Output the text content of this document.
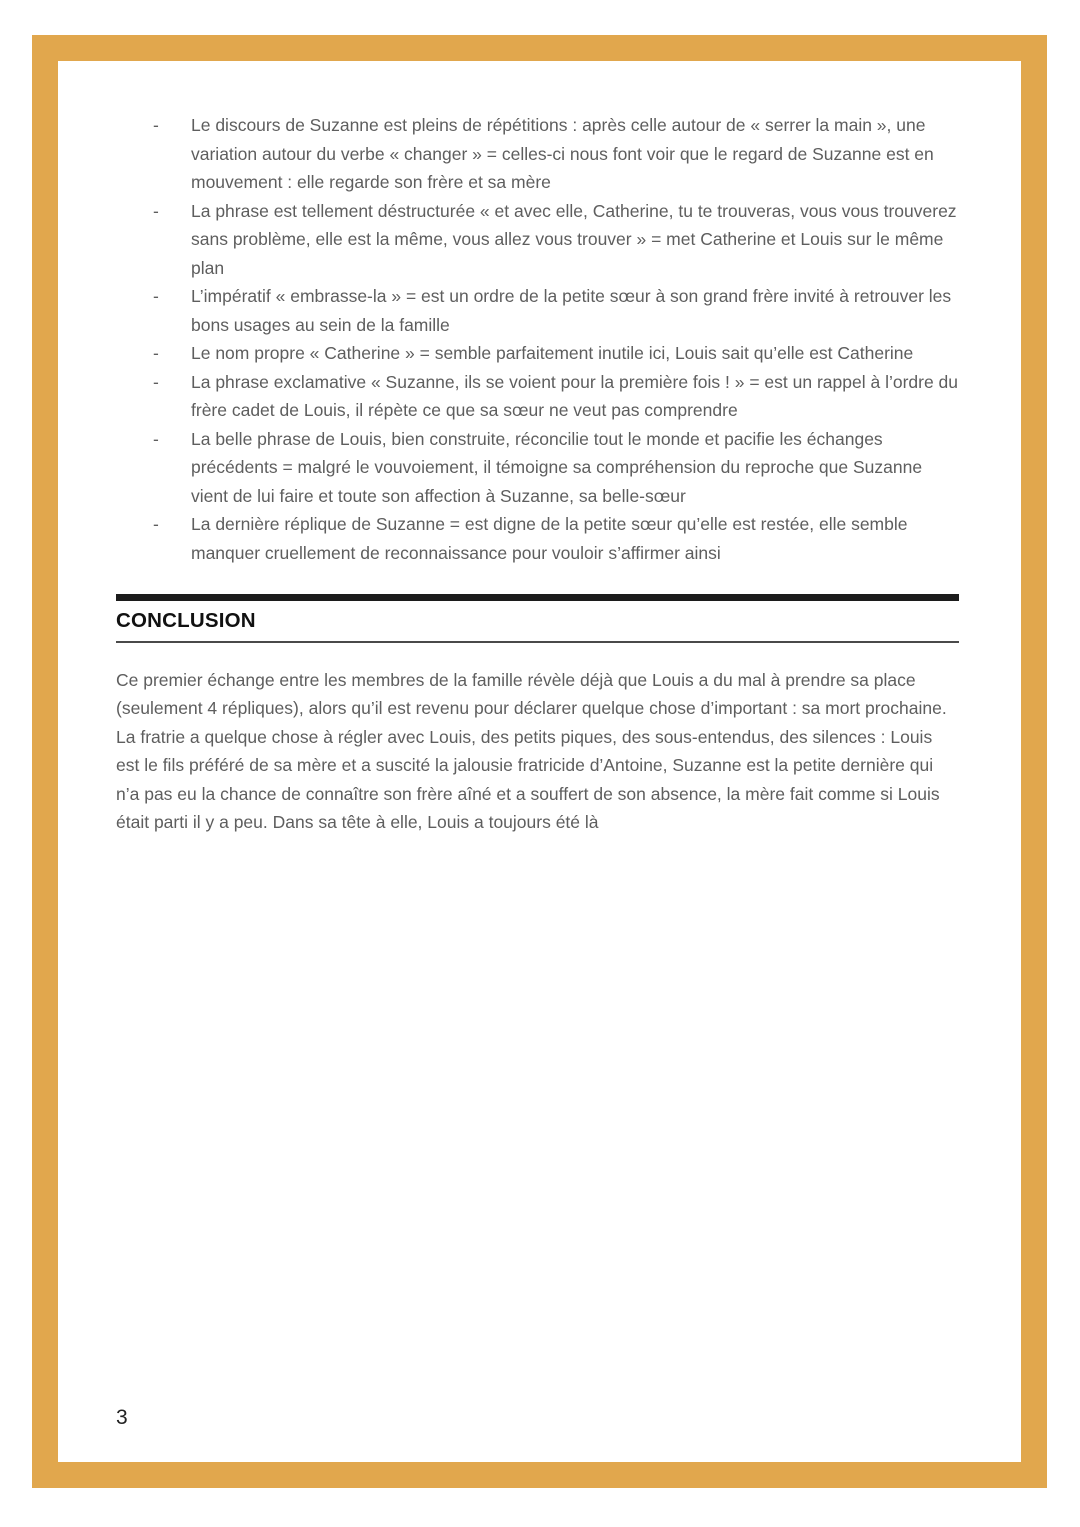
-	Le discours de Suzanne est pleins de répétitions : après celle autour de « serrer la main », une variation autour du verbe « changer » = celles-ci nous font voir que le regard de Suzanne est en mouvement : elle regarde son frère et sa mère
-	La phrase est tellement déstructurée « et avec elle, Catherine, tu te trouveras, vous vous trouverez sans problème, elle est la même, vous allez vous trouver » = met Catherine et Louis sur le même plan
-	L’impératif « embrasse-la » = est un ordre de la petite sœur à son grand frère invité à retrouver les bons usages au sein de la famille
-	Le nom propre « Catherine » = semble parfaitement inutile ici, Louis sait qu’elle est Catherine
-	La phrase exclamative « Suzanne, ils se voient pour la première fois ! » = est un rappel à l’ordre du frère cadet de Louis, il répète ce que sa sœur ne veut pas comprendre
-	La belle phrase de Louis, bien construite, réconcilie tout le monde et pacifie les échanges précédents = malgré le vouvoiement, il témoigne sa compréhension du reproche que Suzanne vient de lui faire et toute son affection à Suzanne, sa belle-sœur
-	La dernière réplique de Suzanne = est digne de la petite sœur qu’elle est restée, elle semble manquer cruellement de reconnaissance pour vouloir s’affirmer ainsi
CONCLUSION

Ce premier échange entre les membres de la famille révèle déjà que Louis a du mal à prendre sa place (seulement 4 répliques), alors qu’il est revenu pour déclarer quelque chose d’important : sa mort prochaine. La fratrie a quelque chose à régler avec Louis, des petits piques, des sous-entendus, des silences : Louis est le fils préféré de sa mère et a suscité la jalousie fratricide d’Antoine, Suzanne est la petite dernière qui n’a pas eu la chance de connaître son frère aîné et a souffert de son absence, la mère fait comme si Louis était parti il y a peu. Dans sa tête à elle, Louis a toujours été là

3
